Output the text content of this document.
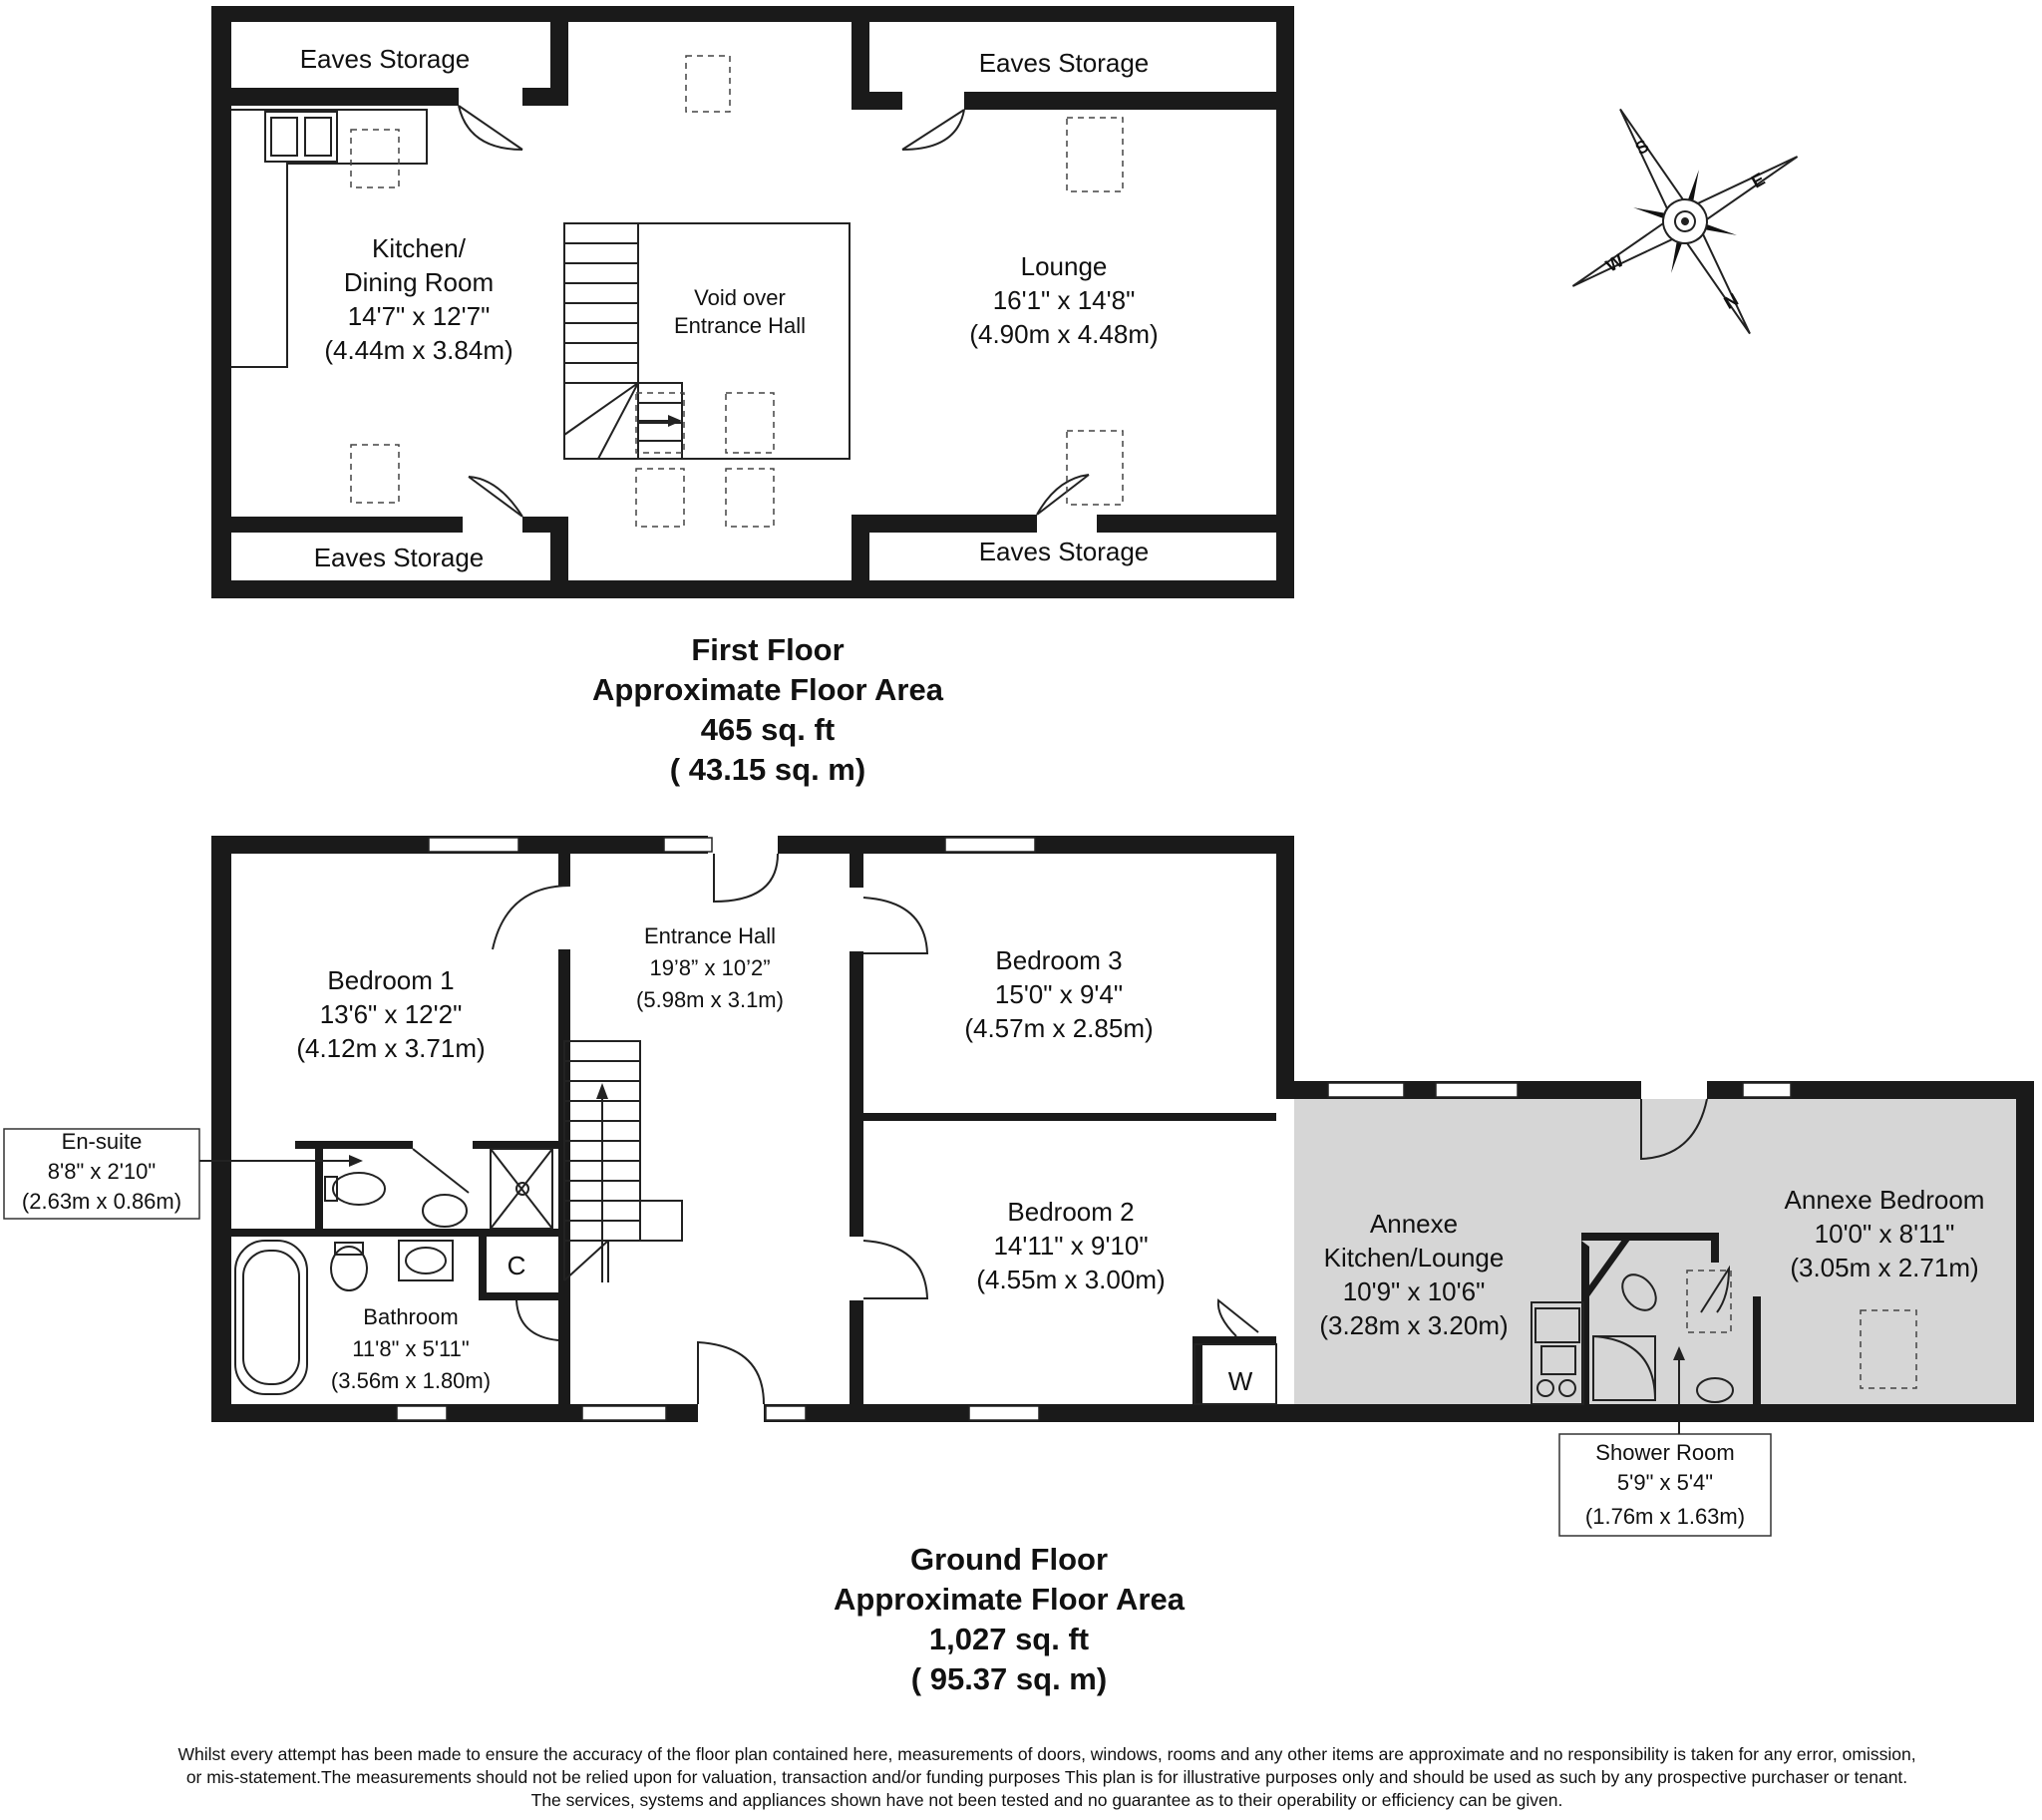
Eaves Storage	Eaves Storage
Eaves Storage	Eaves Storage
Kitchen/
Dining Room
14'7" x 12'7"
(4.44m x 3.84m)
Void over
Entrance Hall
Lounge
16'1" x 14'8"
(4.90m x 4.48m)
First Floor
Approximate Floor Area
465 sq. ft
( 43.15 sq. m)
Bedroom 1
13'6" x 12'2"
(4.12m x 3.71m)
Entrance Hall
19’8” x 10’2”
(5.98m x 3.1m)
Bedroom 3
15'0" x 9'4"
(4.57m x 2.85m)
Bedroom 2
14'11" x 9'10"
(4.55m x 3.00m)
En-suite
8'8" x 2'10"
(2.63m x 0.86m)
Bathroom
11'8" x 5'11"
(3.56m x 1.80m)
C
W
Annexe
Kitchen/Lounge
10'9" x 10'6"
(3.28m x 3.20m)
Annexe Bedroom
10'0" x 8'11"
(3.05m x 2.71m)
Shower Room
5'9" x 5'4"
(1.76m x 1.63m)
Ground Floor
Approximate Floor Area
1,027 sq. ft
( 95.37 sq. m)
N
S
W
E
Whilst every attempt has been made to ensure the accuracy of the floor plan contained here, measurements of doors, windows, rooms and any other items are approximate and no responsibility is taken for any error, omission,
or mis-statement.The measurements should not be relied upon for valuation, transaction and/or funding purposes This plan is for illustrative purposes only and should be used as such by any prospective purchaser or tenant.
The services, systems and appliances shown have not been tested and no guarantee as to their operability or efficiency can be given.
